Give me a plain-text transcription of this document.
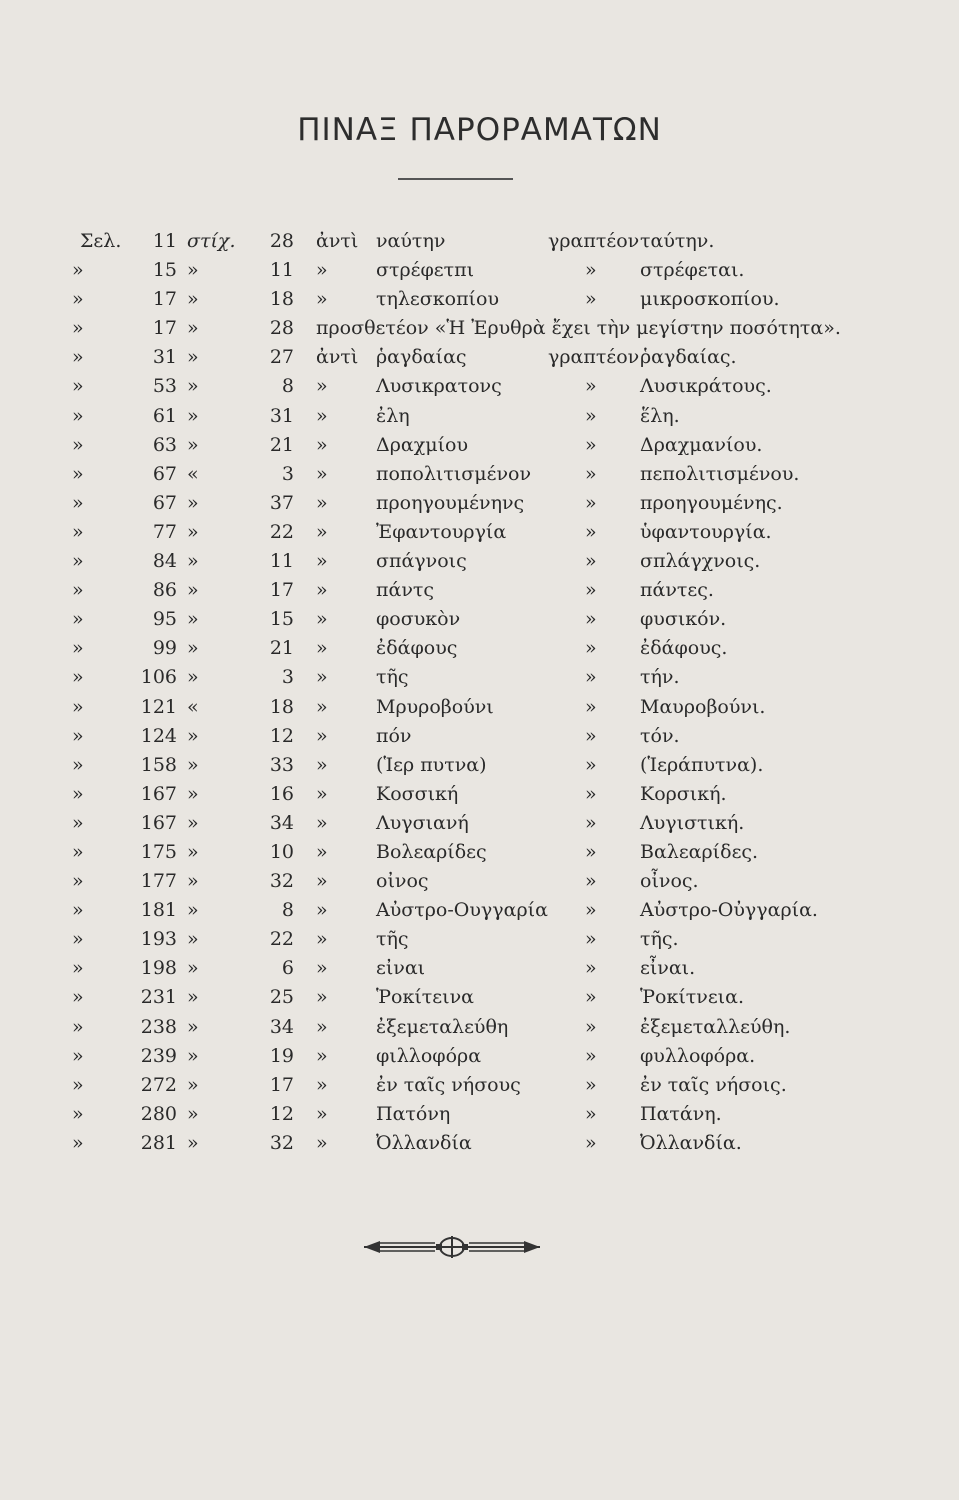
ΠΙΝΑΞ ΠΑΡΟΡΑΜΑΤΩΝ
Σελ.	11 στίχ.	28 ἀντὶ ναύτην	γραπτέον ταύτην.
»	15 »	11 »	στρέφετπι	» στρέφεται.
»	17 »	18 »	τηλεσκοπίου	» μικροσκοπίου.
»	17 »	28 προσθετέον «Ἡ Ἐρυθρὰ ἔχει τὴν μεγίστην ποσότητα».
»	31 »	27 ἀντὶ ῥαγδαίας	γραπτέον ῥαγδαίας.
»	53 »	8 »	Λυσικρατονς	» Λυσικράτους.
»	61 »	31 »	ἐλη	» ἕλη.
»	63 »	21 »	Δραχμίου	» Δραχμανίου.
»	67 «	3 »	ποπολιτισμένον	» πεπολιτισμένου.
»	67 »	37 »	προηγουμένηνς	» προηγουμένης.
»	77 »	22 »	Ἐφαντουργία	» ὑφαντουργία.
»	84 »	11 »	σπάγνοις	» σπλάγχνοις.
»	86 »	17 »	πάντς	» πάντες.
»	95 »	15 »	φοσυκὸν	» φυσικόν.
»	99 »	21 »	ἐδάφους	» ἐδάφους.
»	106 »	3 »	τῆς	» τήν.
»	121 «	18 »	Μρυροβούνι	» Μαυροβούνι.
»	124 »	12 »	πόν	» τόν.
»	158 »	33 »	(Ἱερ πυτνα)	» (Ἱεράπυτνα).
»	167 »	16 »	Κοσσική	» Κορσική.
»	167 »	34 »	Λυγσιανή	» Λυγιστική.
»	175 »	10 »	Βολεαρίδες	» Βαλεαρίδες.
»	177 »	32 »	οἰνος	» οἶνος.
»	181 »	8 »	Αὐστρο-Ουγγαρία » Αὐστρο-Οὐγγαρία.
»	193 »	22 »	τῆς	» τῆς.
»	198 »	6 »	εἰναι	» εἶναι.
»	231 »	25 »	Ῥοκίτεινα	» Ῥοκίτνεια.
»	238 »	34 »	ἐξεμεταλεύθη	» ἐξεμεταλλεύθη.
»	239 »	19 »	φιλλοφόρα	» φυλλοφόρα.
»	272 »	17 »	ἐν ταῖς νήσους	» ἐν ταῖς νήσοις.
»	280 »	12 »	Πατόνη	» Πατάνη.
»	281 »	32 »	Ὀλλανδία	» Ὀλλανδία.
